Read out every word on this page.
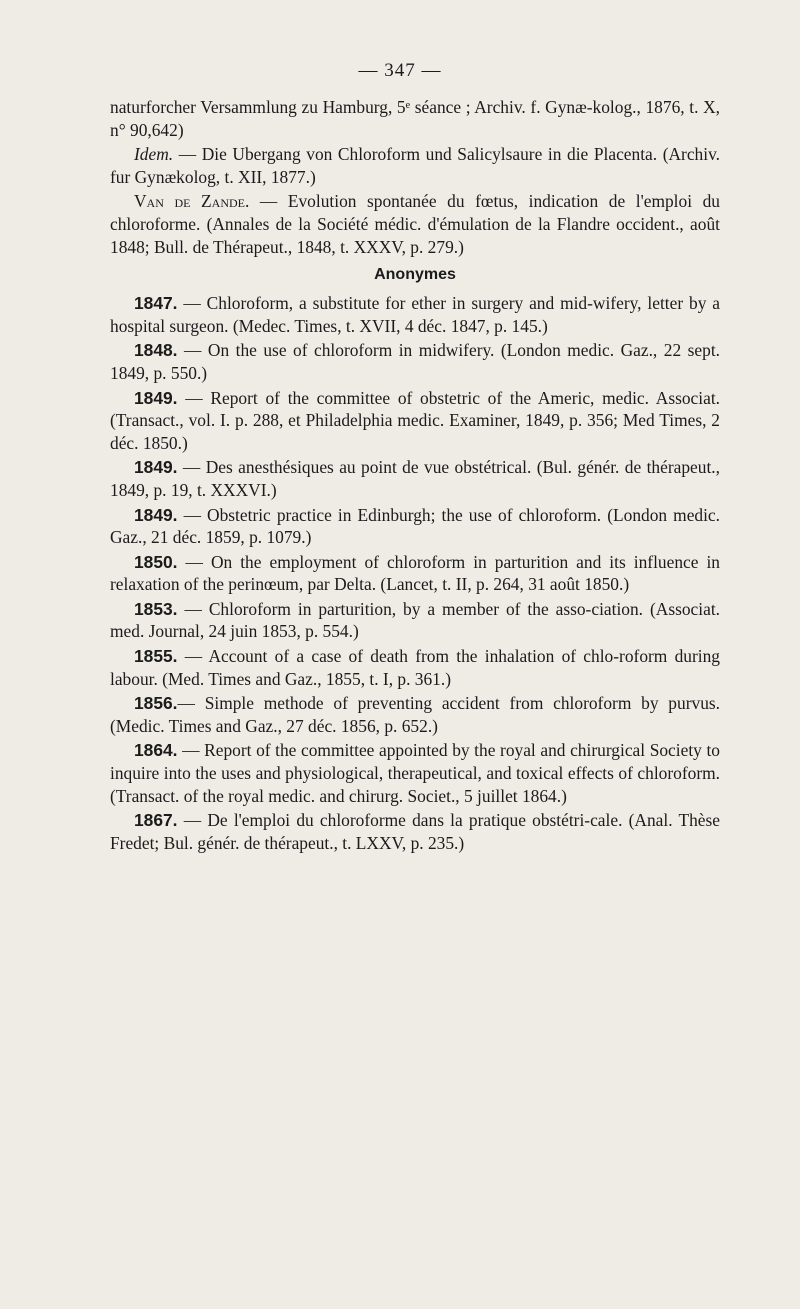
— 347 —

naturforcher Versammlung zu Hamburg, 5ᵉ séance ; Archiv. f. Gynæ-kolog., 1876, t. X, n° 90,642)

Idem. — Die Ubergang von Chloroform und Salicylsaure in die Placenta. (Archiv. fur Gynækolog, t. XII, 1877.)

Van de Zande. — Evolution spontanée du fœtus, indication de l'emploi du chloroforme. (Annales de la Société médic. d'émulation de la Flandre occident., août 1848; Bull. de Thérapeut., 1848, t. XXXV, p. 279.)

Anonymes

1847. — Chloroform, a substitute for ether in surgery and mid-wifery, letter by a hospital surgeon. (Medec. Times, t. XVII, 4 déc. 1847, p. 145.)

1848. — On the use of chloroform in midwifery. (London medic. Gaz., 22 sept. 1849, p. 550.)

1849. — Report of the committee of obstetric of the Americ, medic. Associat. (Transact., vol. I. p. 288, et Philadelphia medic. Examiner, 1849, p. 356; Med Times, 2 déc. 1850.)

1849. — Des anesthésiques au point de vue obstétrical. (Bul. génér. de thérapeut., 1849, p. 19, t. XXXVI.)

1849. — Obstetric practice in Edinburgh; the use of chloroform. (London medic. Gaz., 21 déc. 1859, p. 1079.)

1850. — On the employment of chloroform in parturition and its influence in relaxation of the perinœum, par Delta. (Lancet, t. II, p. 264, 31 août 1850.)

1853. — Chloroform in parturition, by a member of the asso-ciation. (Associat. med. Journal, 24 juin 1853, p. 554.)

1855. — Account of a case of death from the inhalation of chlo-roform during labour. (Med. Times and Gaz., 1855, t. I, p. 361.)

1856.— Simple methode of preventing accident from chloroform by purvus. (Medic. Times and Gaz., 27 déc. 1856, p. 652.)

1864. — Report of the committee appointed by the royal and chirurgical Society to inquire into the uses and physiological, therapeutical, and toxical effects of chloroform. (Transact. of the royal medic. and chirurg. Societ., 5 juillet 1864.)

1867. — De l'emploi du chloroforme dans la pratique obstétri-cale. (Anal. Thèse Fredet; Bul. génér. de thérapeut., t. LXXV, p. 235.)
